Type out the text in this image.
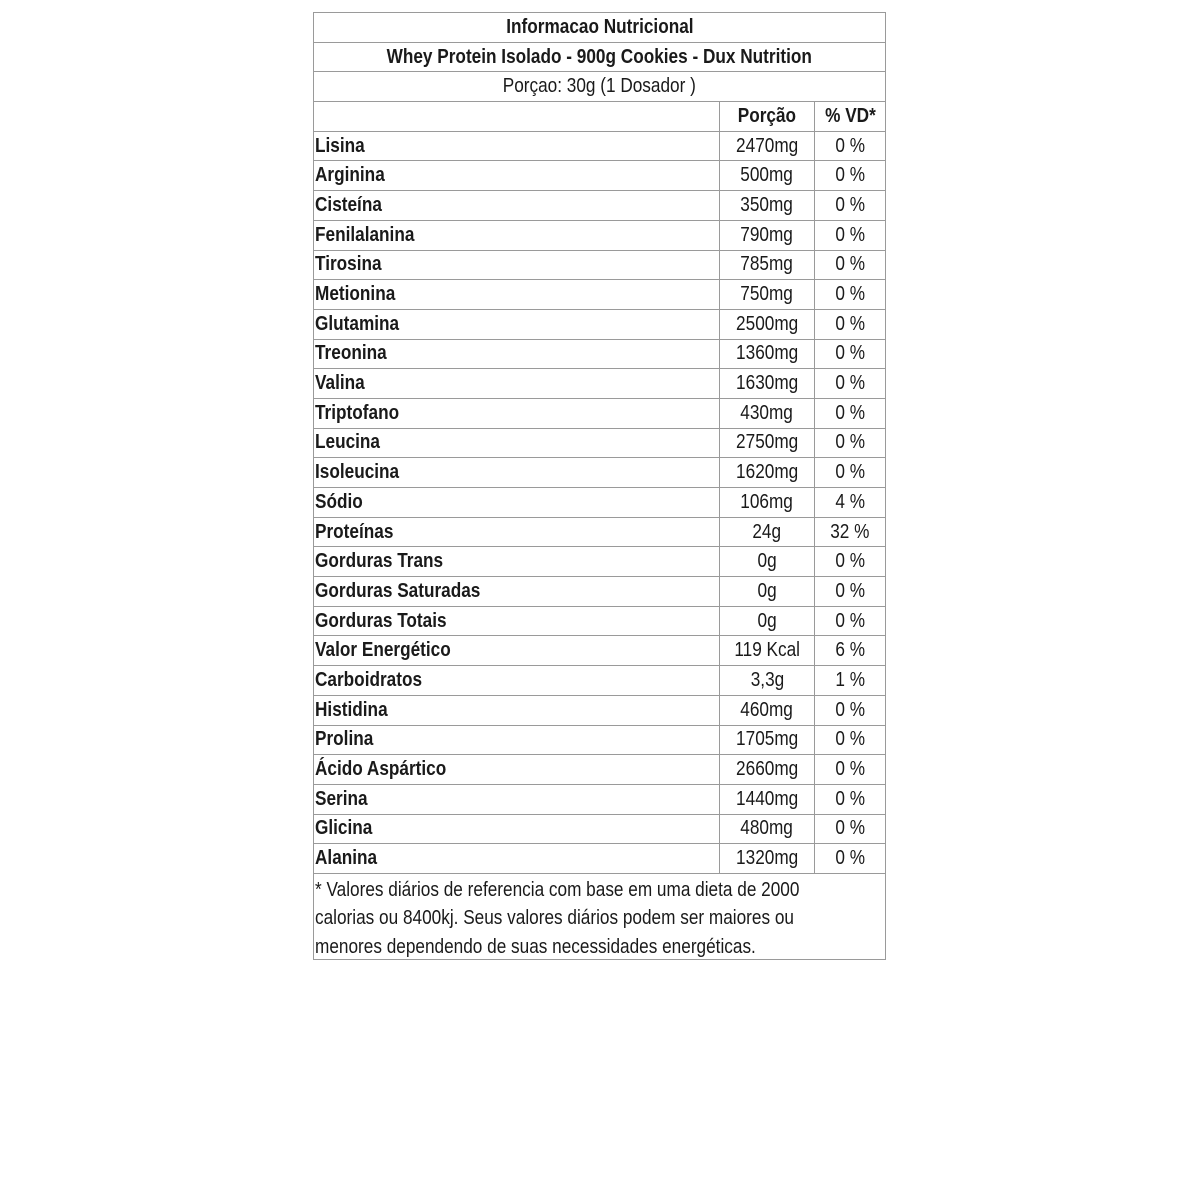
Informacao Nutricional
Whey Protein Isolado - 900g Cookies - Dux Nutrition
Porçao: 30g (1 Dosador )
Porção % VD*
Lisina	2470mg 0 %
Arginina	500mg 0 %
Cisteína	350mg 0 %
Fenilalanina	790mg 0 %
Tirosina	785mg 0 %
Metionina	750mg 0 %
Glutamina	2500mg 0 %
Treonina	1360mg 0 %
Valina	1630mg 0 %
Triptofano	430mg 0 %
Leucina	2750mg 0 %
Isoleucina	1620mg 0 %
Sódio	106mg 4 %
Proteínas	24g 32 %
Gorduras Trans	0g	0 %
Gorduras Saturadas	0g	0 %
Gorduras Totais	0g	0 %
Valor Energético	119 Kcal 6 %
Carboidratos	3,3g	1 %
Histidina	460mg 0 %
Prolina	1705mg 0 %
Ácido Aspártico	2660mg 0 %
Serina	1440mg 0 %
Glicina	480mg 0 %
Alanina	1320mg 0 %
* Valores diários de referencia com base em uma dieta de 2000
calorias ou 8400kj. Seus valores diários podem ser maiores ou
menores dependendo de suas necessidades energéticas.
